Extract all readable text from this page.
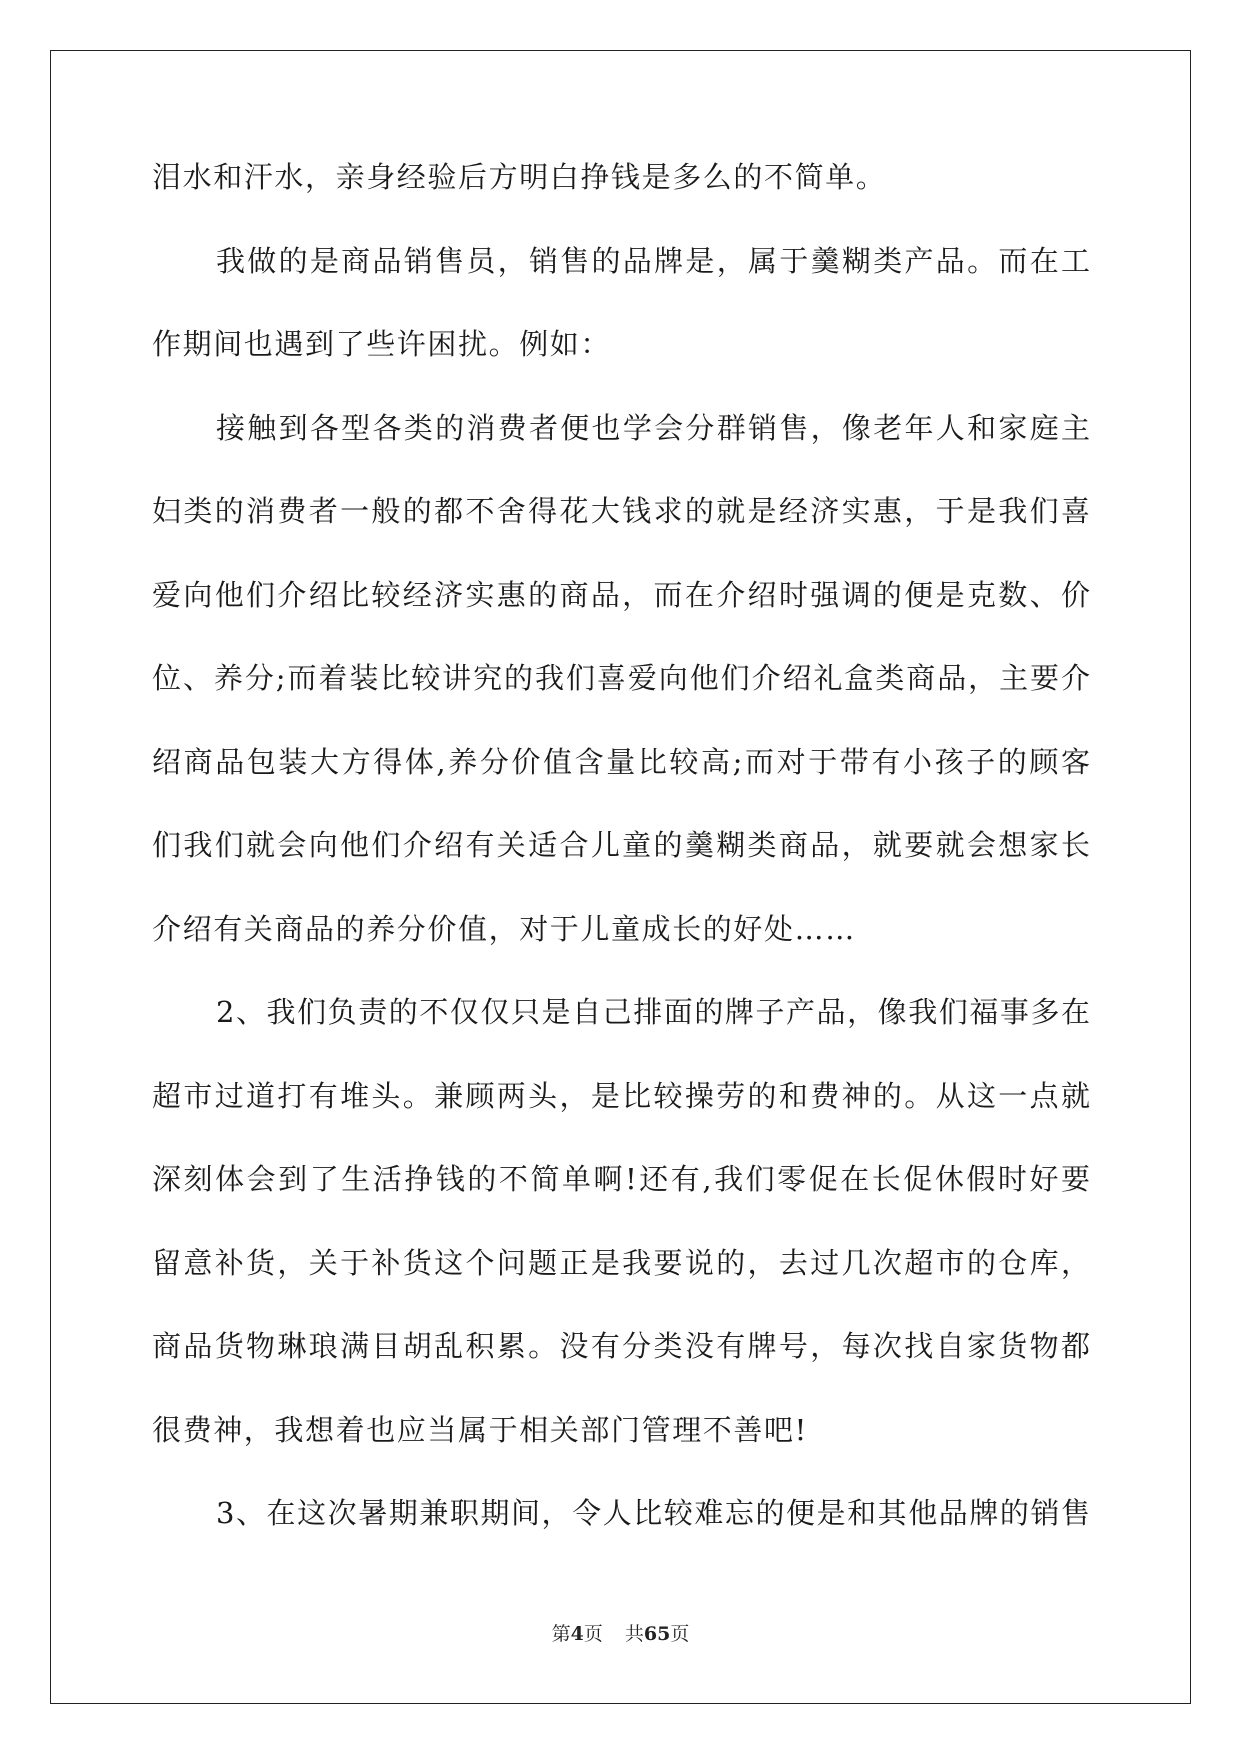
泪水和汗水，亲身经验后方明白挣钱是多么的不简单。
我做的是商品销售员，销售的品牌是，属于羹糊类产品。而在工
作期间也遇到了些许困扰。例如：
接触到各型各类的消费者便也学会分群销售，像老年人和家庭主
妇类的消费者一般的都不舍得花大钱求的就是经济实惠，于是我们喜
爱向他们介绍比较经济实惠的商品，而在介绍时强调的便是克数、价
位、养分;而着装比较讲究的我们喜爱向他们介绍礼盒类商品，主要介
绍商品包装大方得体,养分价值含量比较高;而对于带有小孩子的顾客
们我们就会向他们介绍有关适合儿童的羹糊类商品，就要就会想家长
介绍有关商品的养分价值，对于儿童成长的好处……
2、我们负责的不仅仅只是自己排面的牌子产品，像我们福事多在
超市过道打有堆头。兼顾两头，是比较操劳的和费神的。从这一点就
深刻体会到了生活挣钱的不简单啊!还有,我们零促在长促休假时好要
留意补货，关于补货这个问题正是我要说的，去过几次超市的仓库，
商品货物琳琅满目胡乱积累。没有分类没有牌号，每次找自家货物都
很费神，我想着也应当属于相关部门管理不善吧!
3、在这次暑期兼职期间，令人比较难忘的便是和其他品牌的销售
第4页 共65页
